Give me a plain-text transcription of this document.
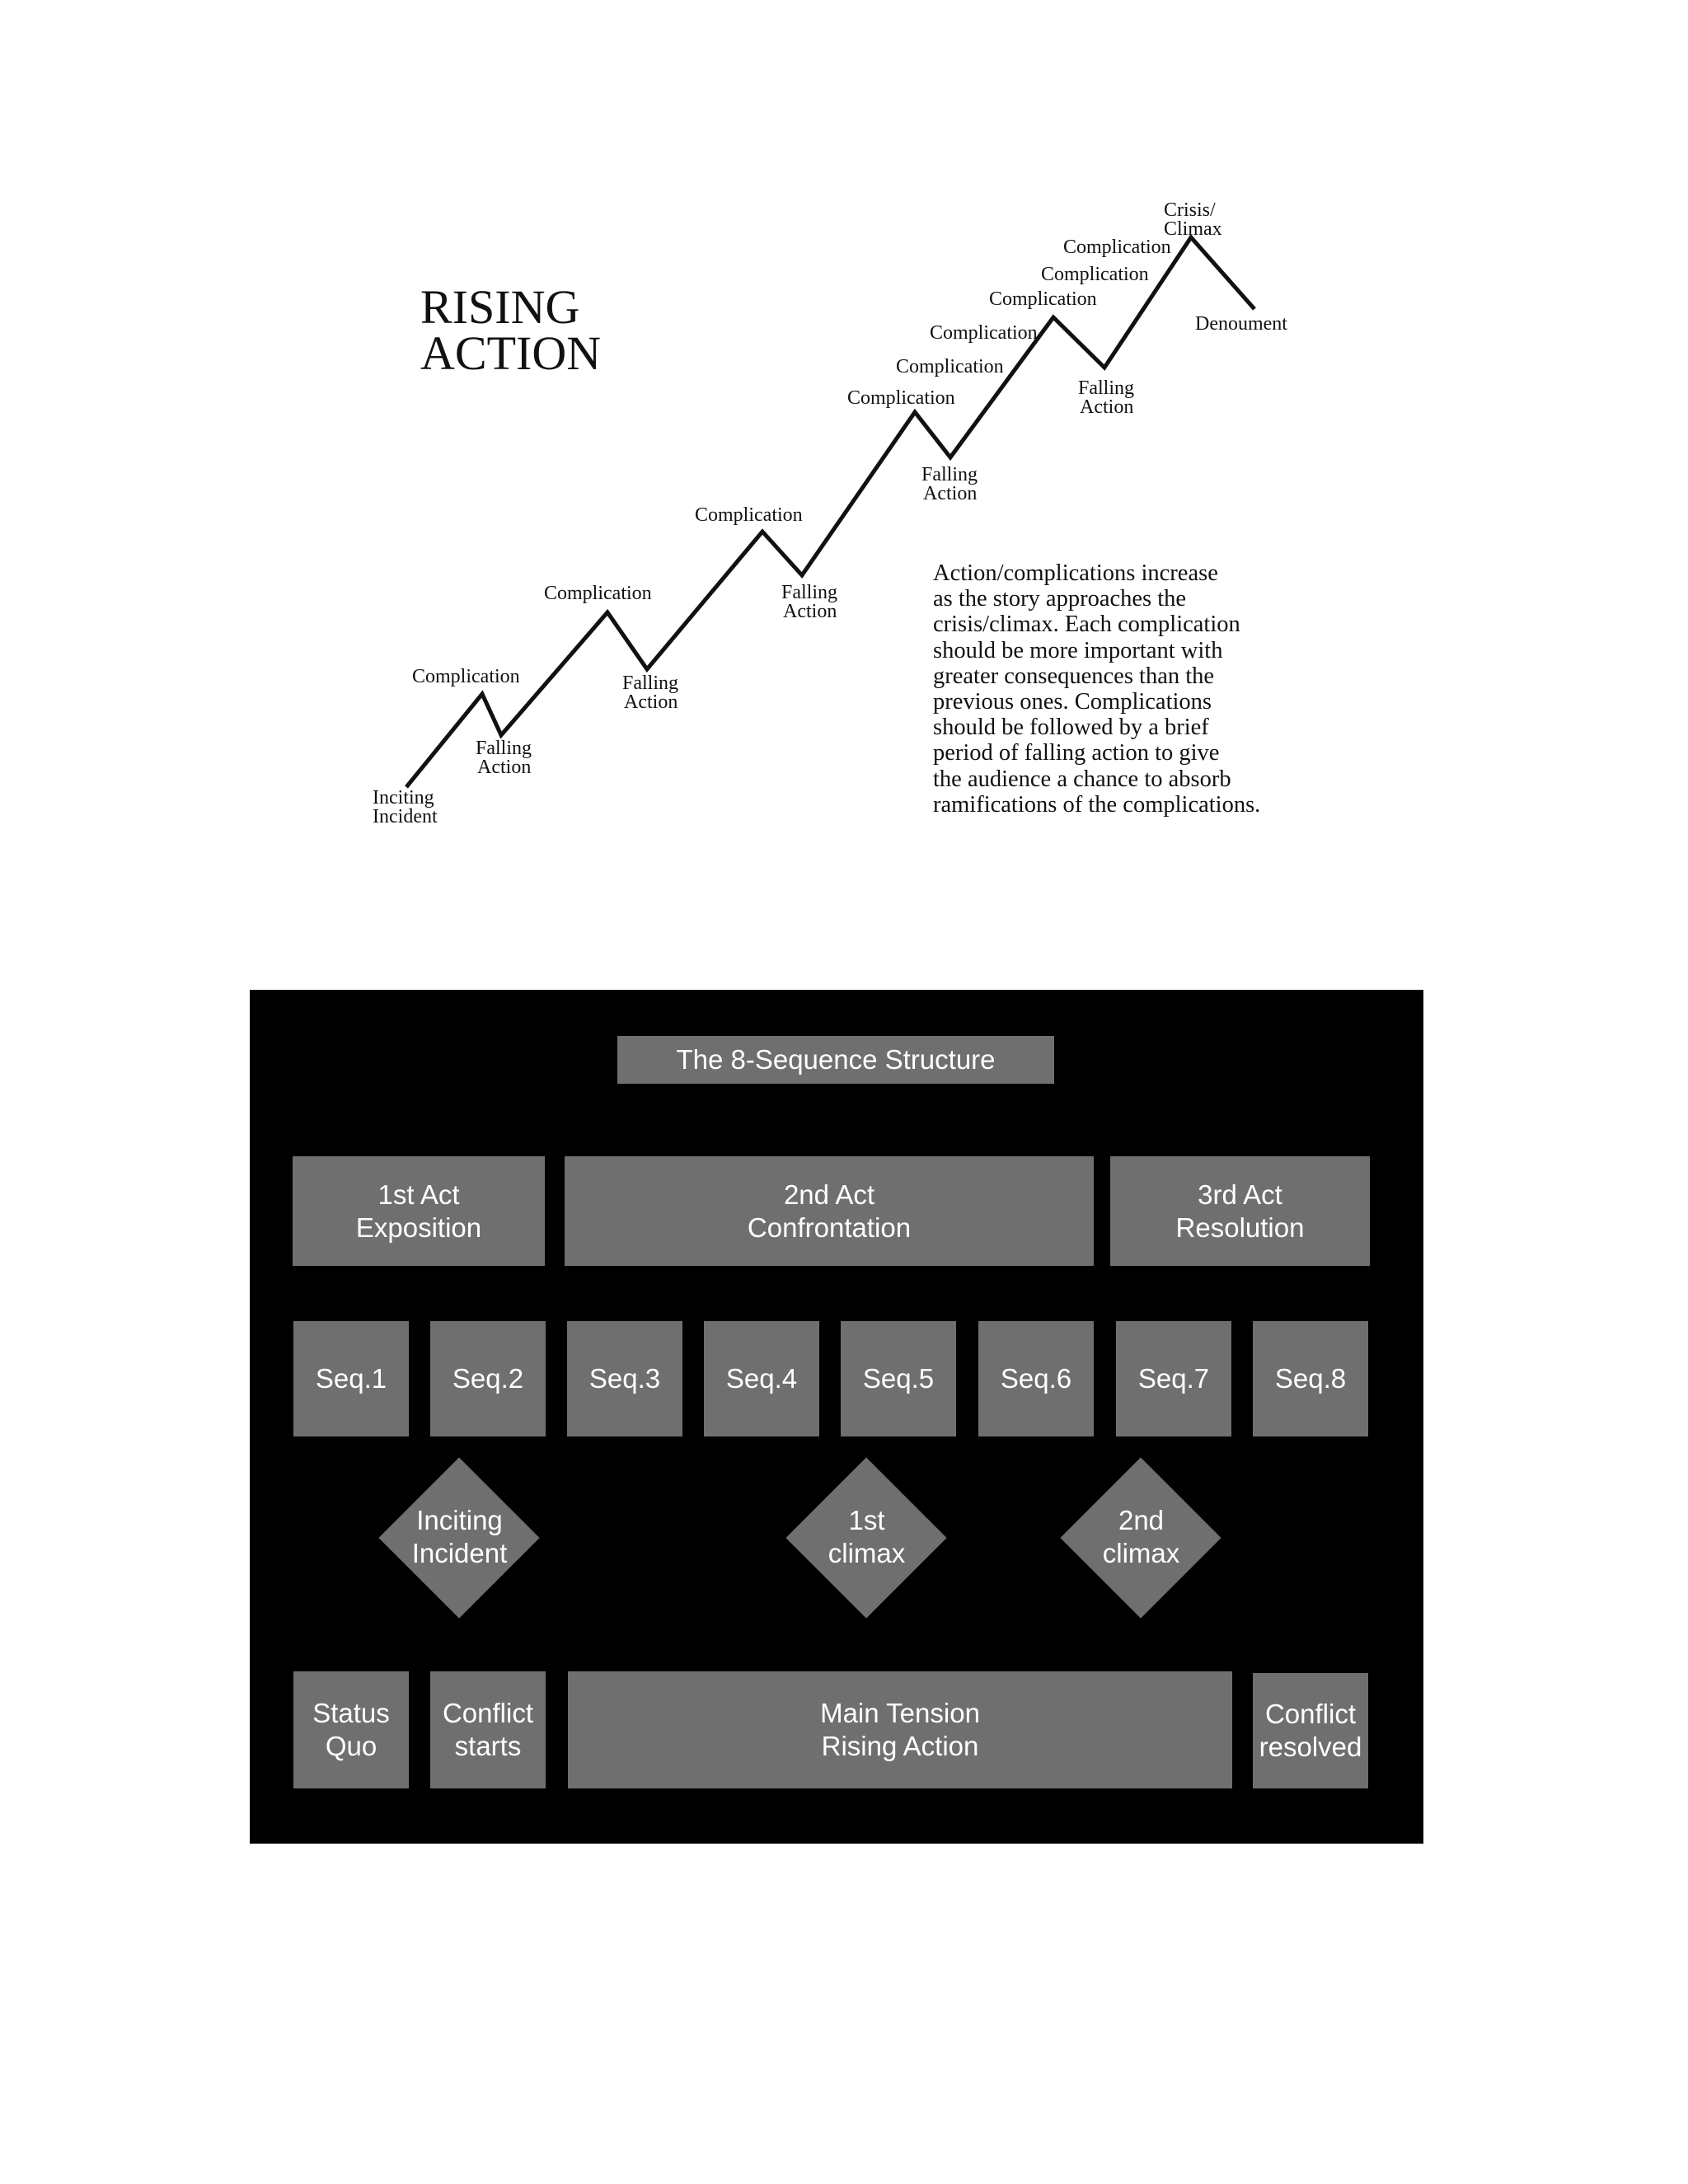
RISING
ACTION
Inciting
Incident
Complication
Falling
Action
Complication
Falling
Action
Complication
Falling
Action
Complication
Falling
Action
Complication
Complication
Complication
Complication
Complication
Falling
Action
Crisis/
Climax
Denoument
Action/complications increase
as the story approaches the
crisis/climax. Each complication
should be more important with
greater consequences than the
previous ones. Complications
should be followed by a brief
period of falling action to give
the audience a chance to absorb
ramifications of the complications.
The 8-Sequence Structure
1st Act
Exposition
2nd Act
Confrontation
3rd Act
Resolution
Seq.1 Seq.2 Seq.3 Seq.4 Seq.5 Seq.6 Seq.7 Seq.8
Inciting
Incident
1st
climax
2nd
climax
Status
Quo
Conflict
starts
Main Tension
Rising Action
Conflict
resolved
